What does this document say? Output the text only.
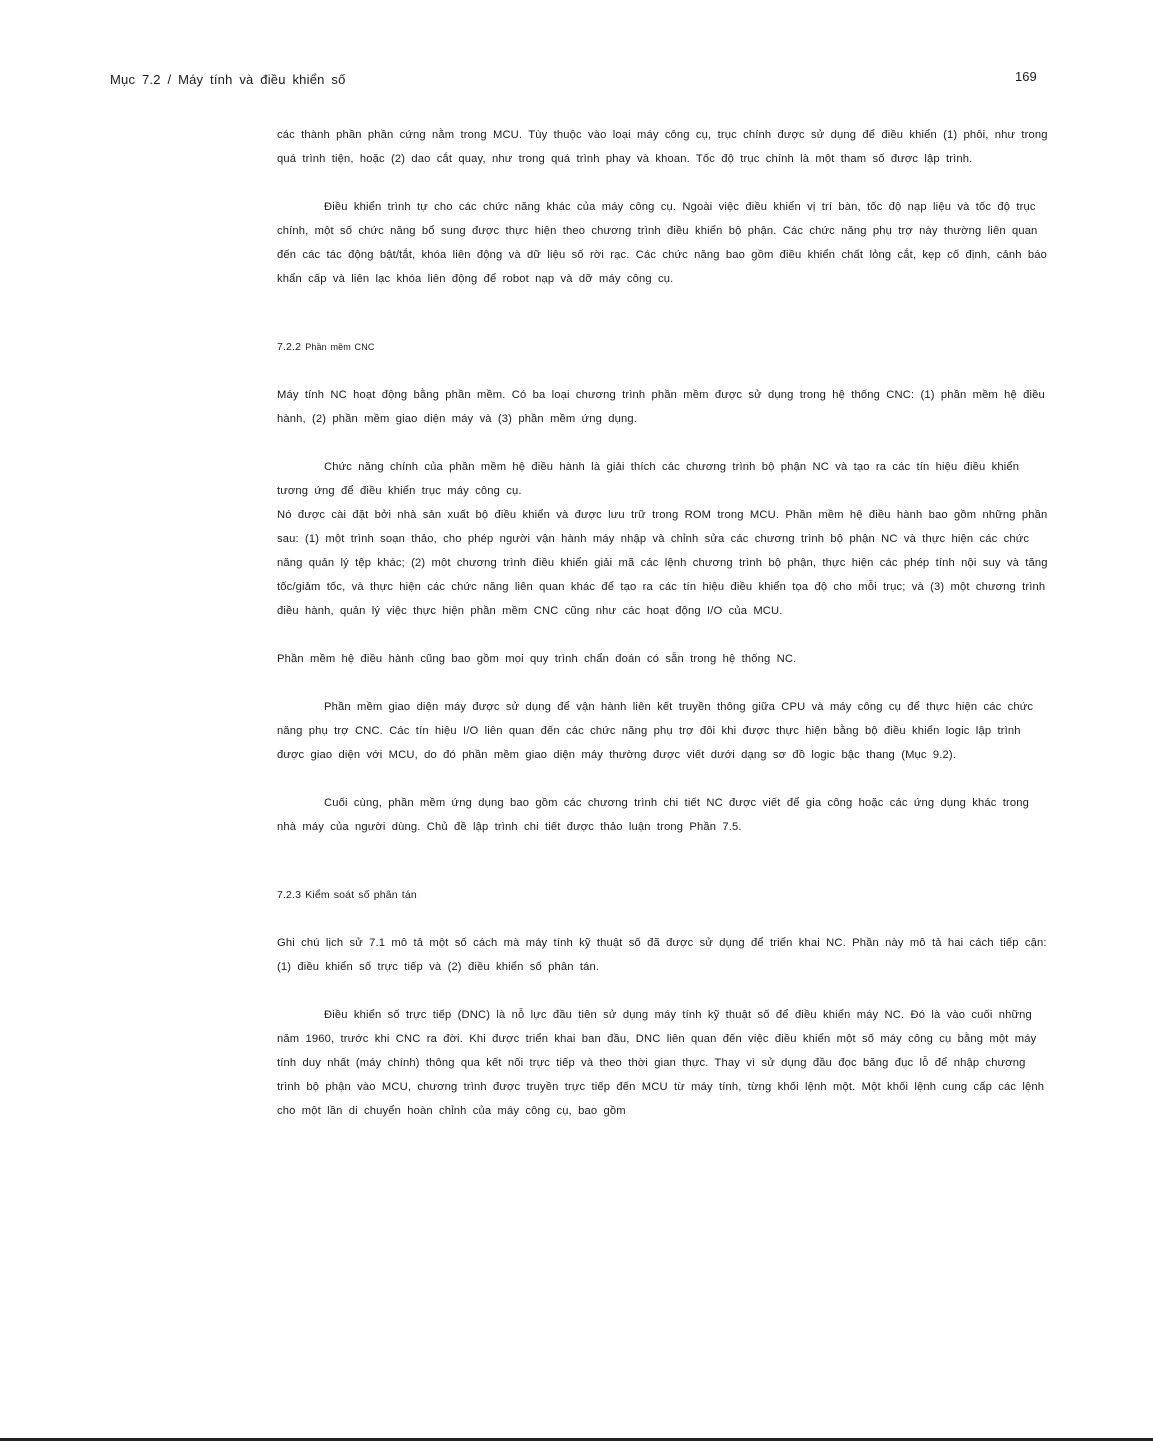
Mục 7.2 / Máy tính và điều khiển số	169

các thành phần phần cứng nằm trong MCU. Tùy thuộc vào loại máy công cụ, trục chính được sử dụng để điều khiển (1) phôi, như trong quá trình tiện, hoặc (2) dao cắt quay, như trong quá trình phay và khoan. Tốc độ trục chính là một tham số được lập trình.

Điều khiển trình tự cho các chức năng khác của máy công cụ. Ngoài việc điều khiển vị trí bàn, tốc độ nạp liệu và tốc độ trục chính, một số chức năng bổ sung được thực hiện theo chương trình điều khiển bộ phận. Các chức năng phụ trợ này thường liên quan đến các tác động bật/tắt, khóa liên động và dữ liệu số rời rạc. Các chức năng bao gồm điều khiển chất lỏng cắt, kẹp cố định, cảnh báo khẩn cấp và liên lạc khóa liên động để robot nạp và dỡ máy công cụ.

7.2.2 Phần mềm CNC

Máy tính NC hoạt động bằng phần mềm. Có ba loại chương trình phần mềm được sử dụng trong hệ thống CNC: (1) phần mềm hệ điều hành, (2) phần mềm giao diện máy và (3) phần mềm ứng dụng.

Chức năng chính của phần mềm hệ điều hành là giải thích các chương trình bộ phận NC và tạo ra các tín hiệu điều khiển tương ứng để điều khiển trục máy công cụ.

Nó được cài đặt bởi nhà sản xuất bộ điều khiển và được lưu trữ trong ROM trong MCU. Phần mềm hệ điều hành bao gồm những phần sau: (1) một trình soạn thảo, cho phép người vận hành máy nhập và chỉnh sửa các chương trình bộ phận NC và thực hiện các chức năng quản lý tệp khác; (2) một chương trình điều khiển giải mã các lệnh chương trình bộ phận, thực hiện các phép tính nội suy và tăng tốc/giảm tốc, và thực hiện các chức năng liên quan khác để tạo ra các tín hiệu điều khiển tọa độ cho mỗi trục; và (3) một chương trình điều hành, quản lý việc thực hiện phần mềm CNC cũng như các hoạt động I/O của MCU.

Phần mềm hệ điều hành cũng bao gồm mọi quy trình chẩn đoán có sẵn trong hệ thống NC.

Phần mềm giao diện máy được sử dụng để vận hành liên kết truyền thông giữa CPU và máy công cụ để thực hiện các chức năng phụ trợ CNC. Các tín hiệu I/O liên quan đến các chức năng phụ trợ đôi khi được thực hiện bằng bộ điều khiển logic lập trình được giao diện với MCU, do đó phần mềm giao diện máy thường được viết dưới dạng sơ đồ logic bậc thang (Mục 9.2).

Cuối cùng, phần mềm ứng dụng bao gồm các chương trình chi tiết NC được viết để gia công hoặc các ứng dụng khác trong nhà máy của người dùng. Chủ đề lập trình chi tiết được thảo luận trong Phần 7.5.

7.2.3 Kiểm soát số phân tán

Ghi chú lịch sử 7.1 mô tả một số cách mà máy tính kỹ thuật số đã được sử dụng để triển khai NC. Phần này mô tả hai cách tiếp cận: (1) điều khiển số trực tiếp và (2) điều khiển số phân tán.

Điều khiển số trực tiếp (DNC) là nỗ lực đầu tiên sử dụng máy tính kỹ thuật số để điều khiển máy NC. Đó là vào cuối những năm 1960, trước khi CNC ra đời. Khi được triển khai ban đầu, DNC liên quan đến việc điều khiển một số máy công cụ bằng một máy tính duy nhất (máy chính) thông qua kết nối trực tiếp và theo thời gian thực. Thay vì sử dụng đầu đọc băng đục lỗ để nhập chương trình bộ phận vào MCU, chương trình được truyền trực tiếp đến MCU từ máy tính, từng khối lệnh một. Một khối lệnh cung cấp các lệnh cho một lần di chuyển hoàn chỉnh của máy công cụ, bao gồm
